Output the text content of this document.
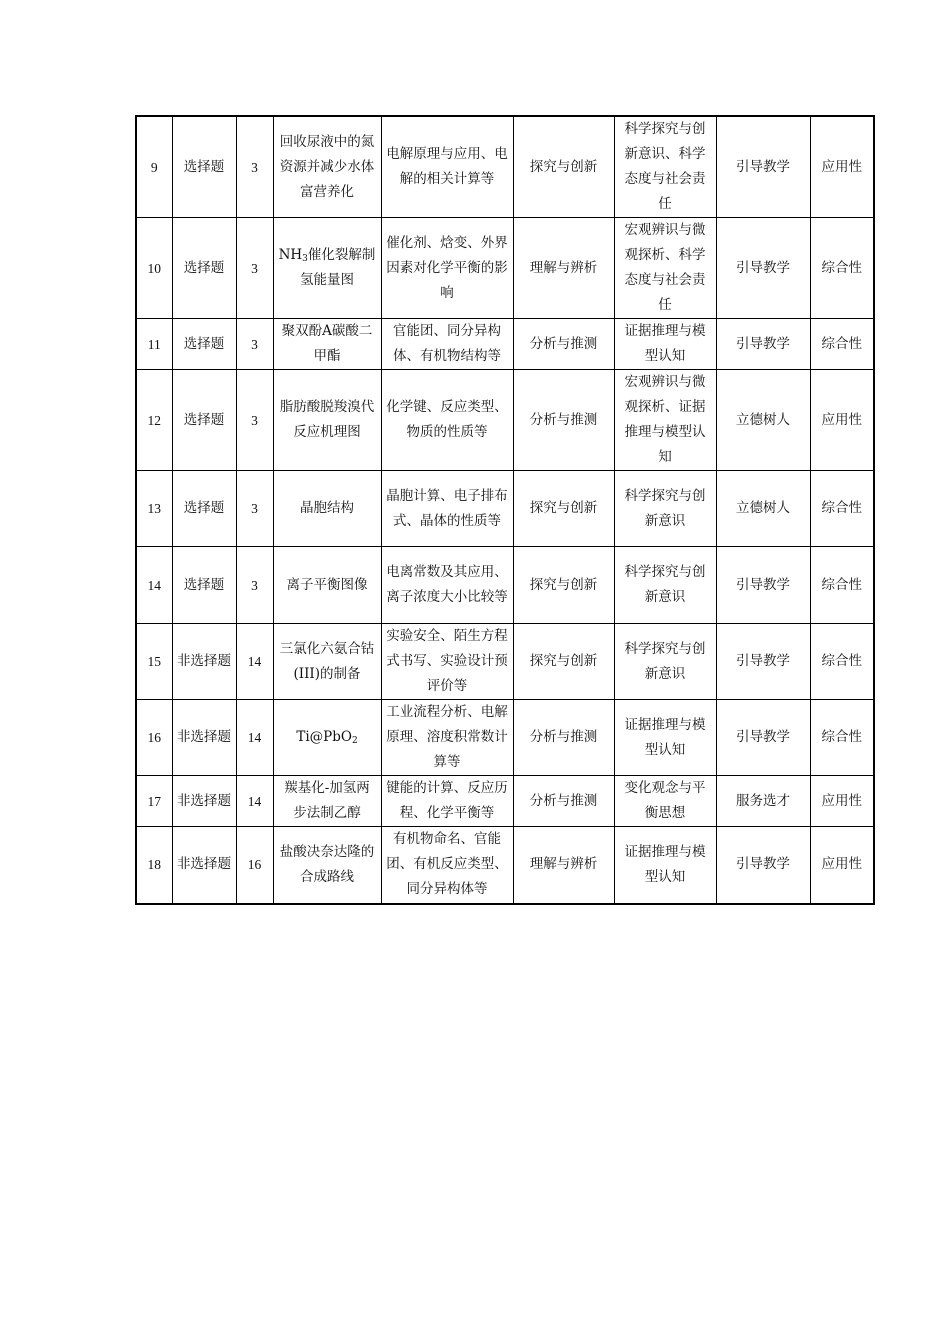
9	选择题	3	回收尿液中的氮资源并减少水体富营养化	电解原理与应用、电解的相关计算等	探究与创新	科学探究与创新意识、科学态度与社会责任	引导教学	应用性
10	选择题	3	$NH_3$催化裂解制氢能量图	催化剂、焓变、外界因素对化学平衡的影响	理解与辨析	宏观辨识与微观探析、科学态度与社会责任	引导教学	综合性
11	选择题	3	聚双酚A碳酸二甲酯	官能团、同分异构体、有机物结构等	分析与推测	证据推理与模型认知	引导教学	综合性
12	选择题	3	脂肪酸脱羧溴代反应机理图	化学键、反应类型、物质的性质等	分析与推测	宏观辨识与微观探析、证据推理与模型认知	立德树人	应用性
13	选择题	3	晶胞结构	晶胞计算、电子排布式、晶体的性质等	探究与创新	科学探究与创新意识	立德树人	综合性
14	选择题	3	离子平衡图像	电离常数及其应用、离子浓度大小比较等	探究与创新	科学探究与创新意识	引导教学	综合性
15	非选择题	14	三氯化六氨合钴(III)的制备	实验安全、陌生方程式书写、实验设计预评价等	探究与创新	科学探究与创新意识	引导教学	综合性
16	非选择题	14	Ti@PbO$_2$	工业流程分析、电解原理、溶度积常数计算等	分析与推测	证据推理与模型认知	引导教学	综合性
17	非选择题	14	羰基化-加氢两步法制乙醇	键能的计算、反应历程、化学平衡等	分析与推测	变化观念与平衡思想	服务选才	应用性
18	非选择题	16	盐酸决奈达隆的合成路线	有机物命名、官能团、有机反应类型、同分异构体等	理解与辨析	证据推理与模型认知	引导教学	应用性
